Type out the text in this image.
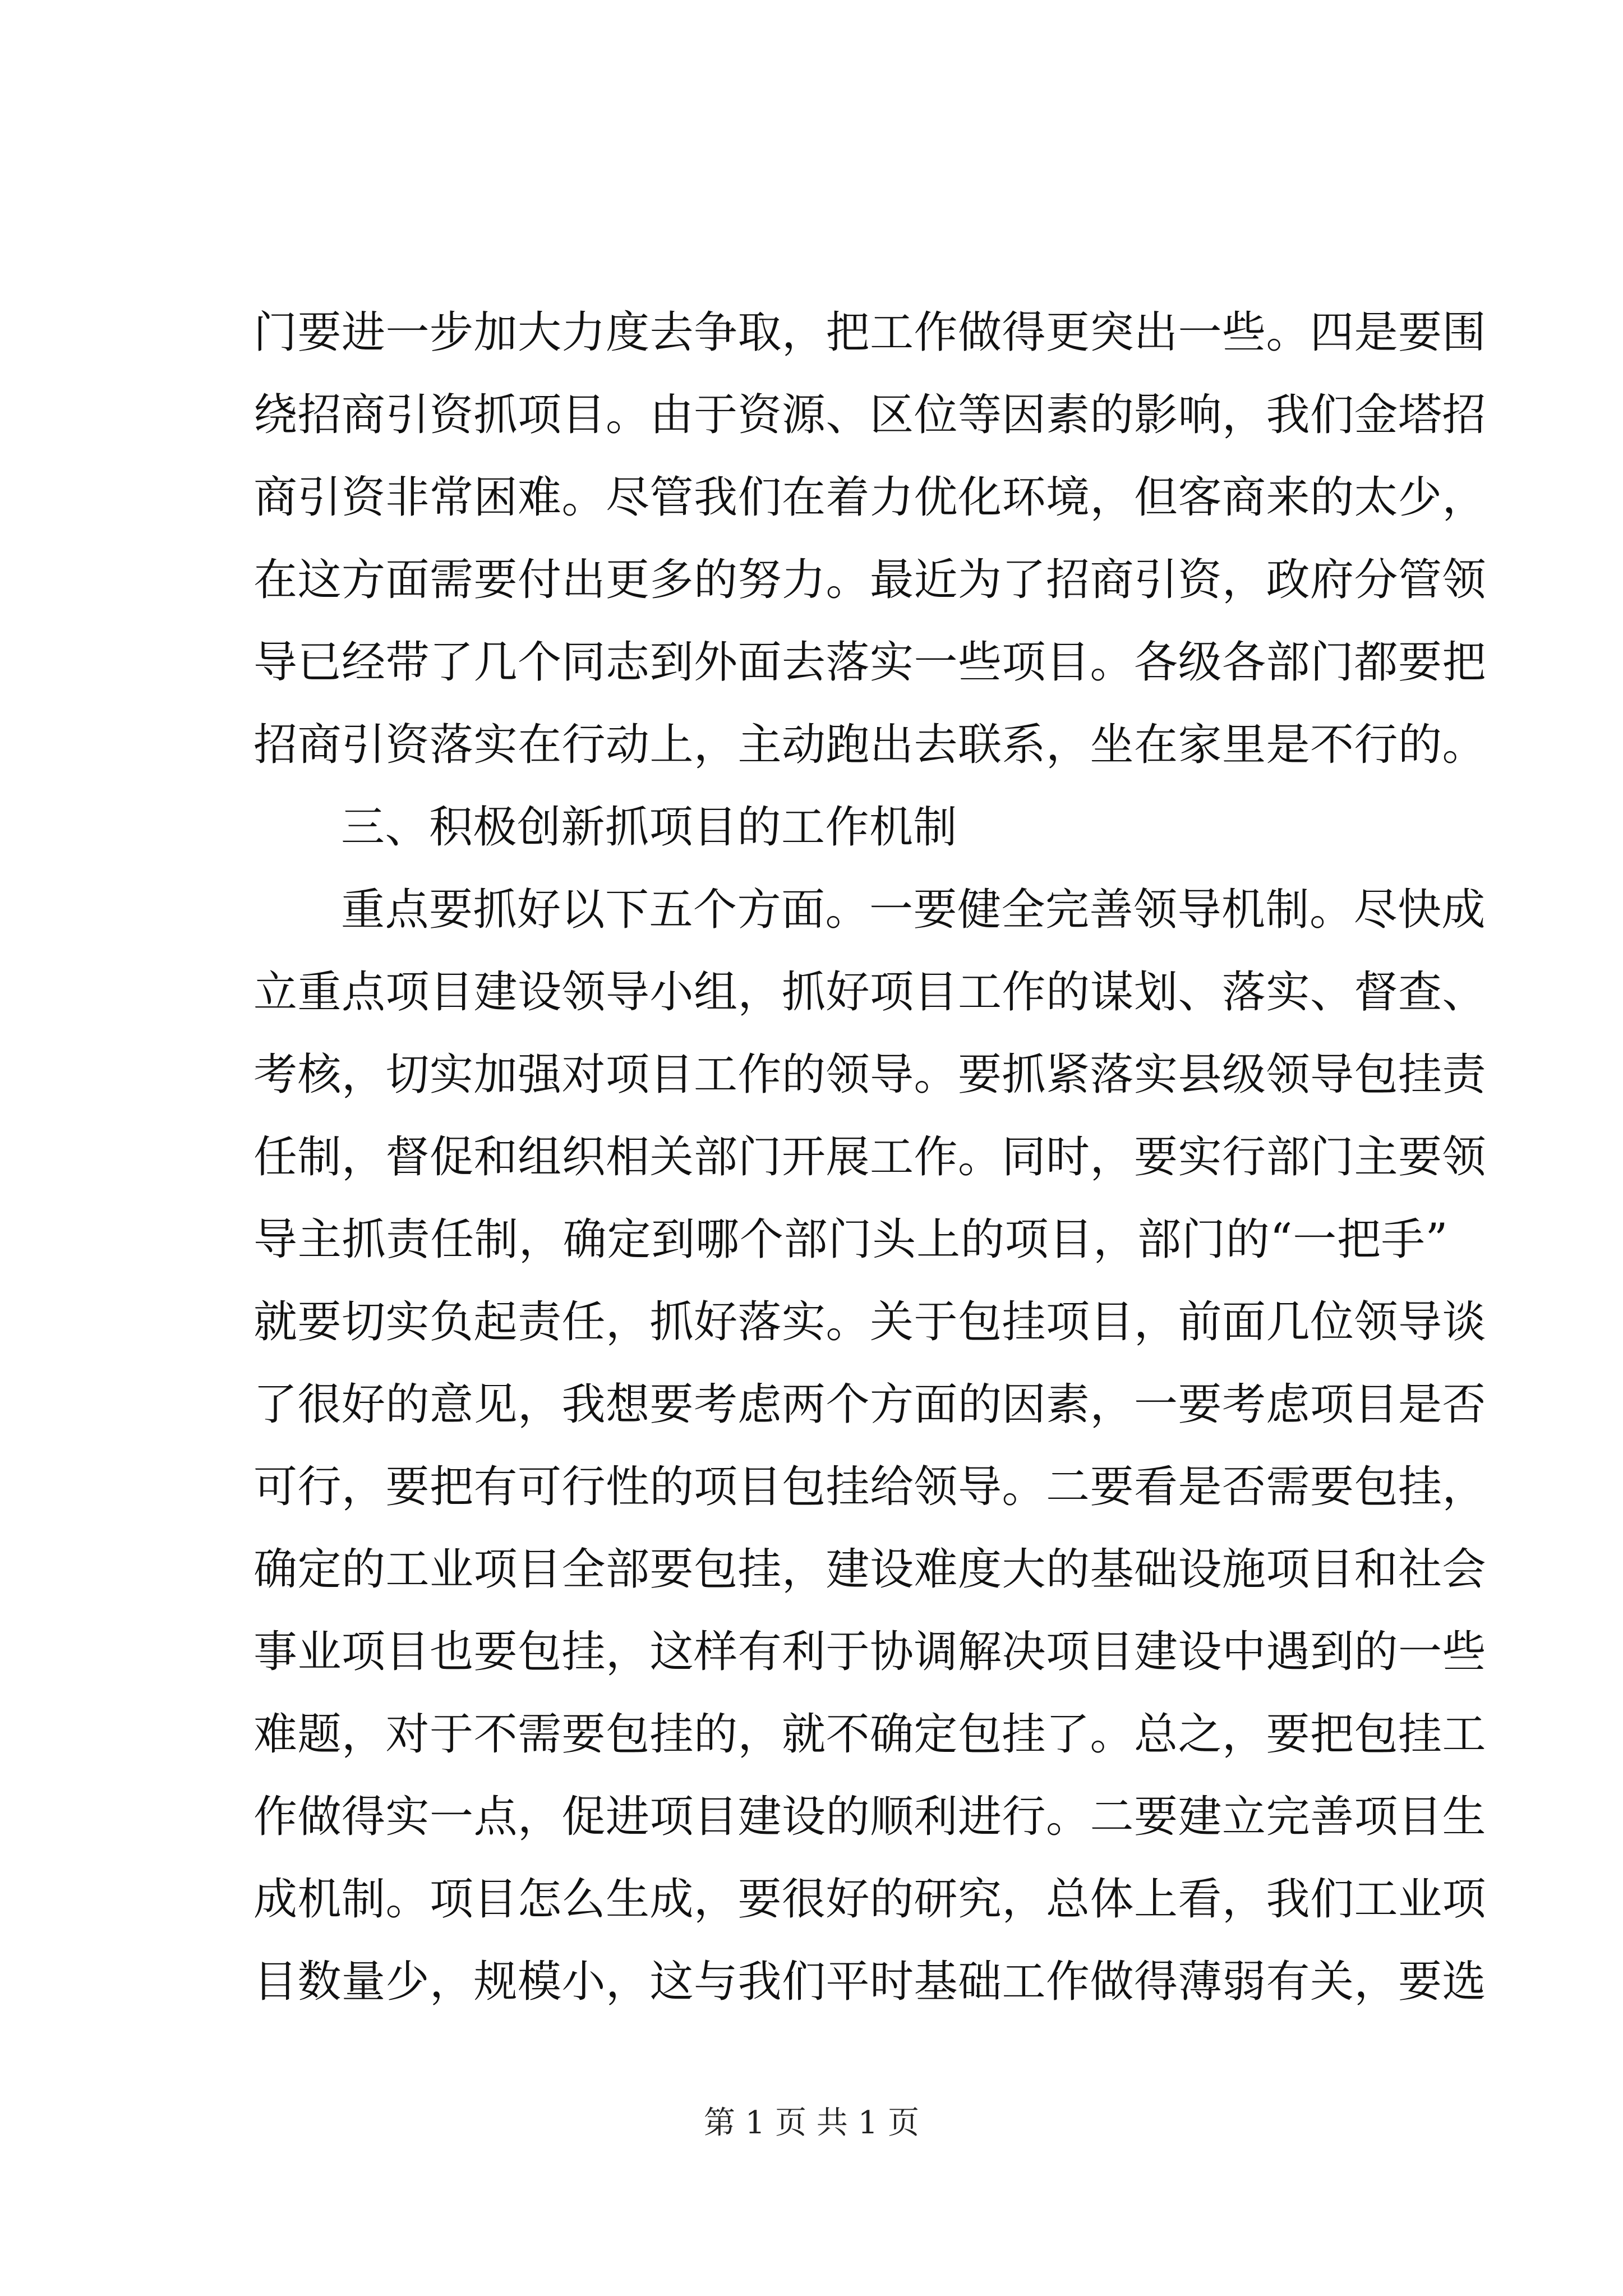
门要进一步加大力度去争取，把工作做得更突出一些。四是要围
绕招商引资抓项目。由于资源、区位等因素的影响，我们金塔招
商引资非常困难。尽管我们在着力优化环境，但客商来的太少，
在这方面需要付出更多的努力。最近为了招商引资，政府分管领
导已经带了几个同志到外面去落实一些项目。各级各部门都要把
招商引资落实在行动上，主动跑出去联系，坐在家里是不行的。
三、积极创新抓项目的工作机制
重点要抓好以下五个方面。一要健全完善领导机制。尽快成
立重点项目建设领导小组，抓好项目工作的谋划、落实、督查、
考核，切实加强对项目工作的领导。要抓紧落实县级领导包挂责
任制，督促和组织相关部门开展工作。同时，要实行部门主要领
导主抓责任制，确定到哪个部门头上的项目，部门的“一把手”
就要切实负起责任，抓好落实。关于包挂项目，前面几位领导谈
了很好的意见，我想要考虑两个方面的因素，一要考虑项目是否
可行，要把有可行性的项目包挂给领导。二要看是否需要包挂，
确定的工业项目全部要包挂，建设难度大的基础设施项目和社会
事业项目也要包挂，这样有利于协调解决项目建设中遇到的一些
难题，对于不需要包挂的，就不确定包挂了。总之，要把包挂工
作做得实一点，促进项目建设的顺利进行。二要建立完善项目生
成机制。项目怎么生成，要很好的研究，总体上看，我们工业项
目数量少，规模小，这与我们平时基础工作做得薄弱有关，要选
第 1 页 共 1 页
